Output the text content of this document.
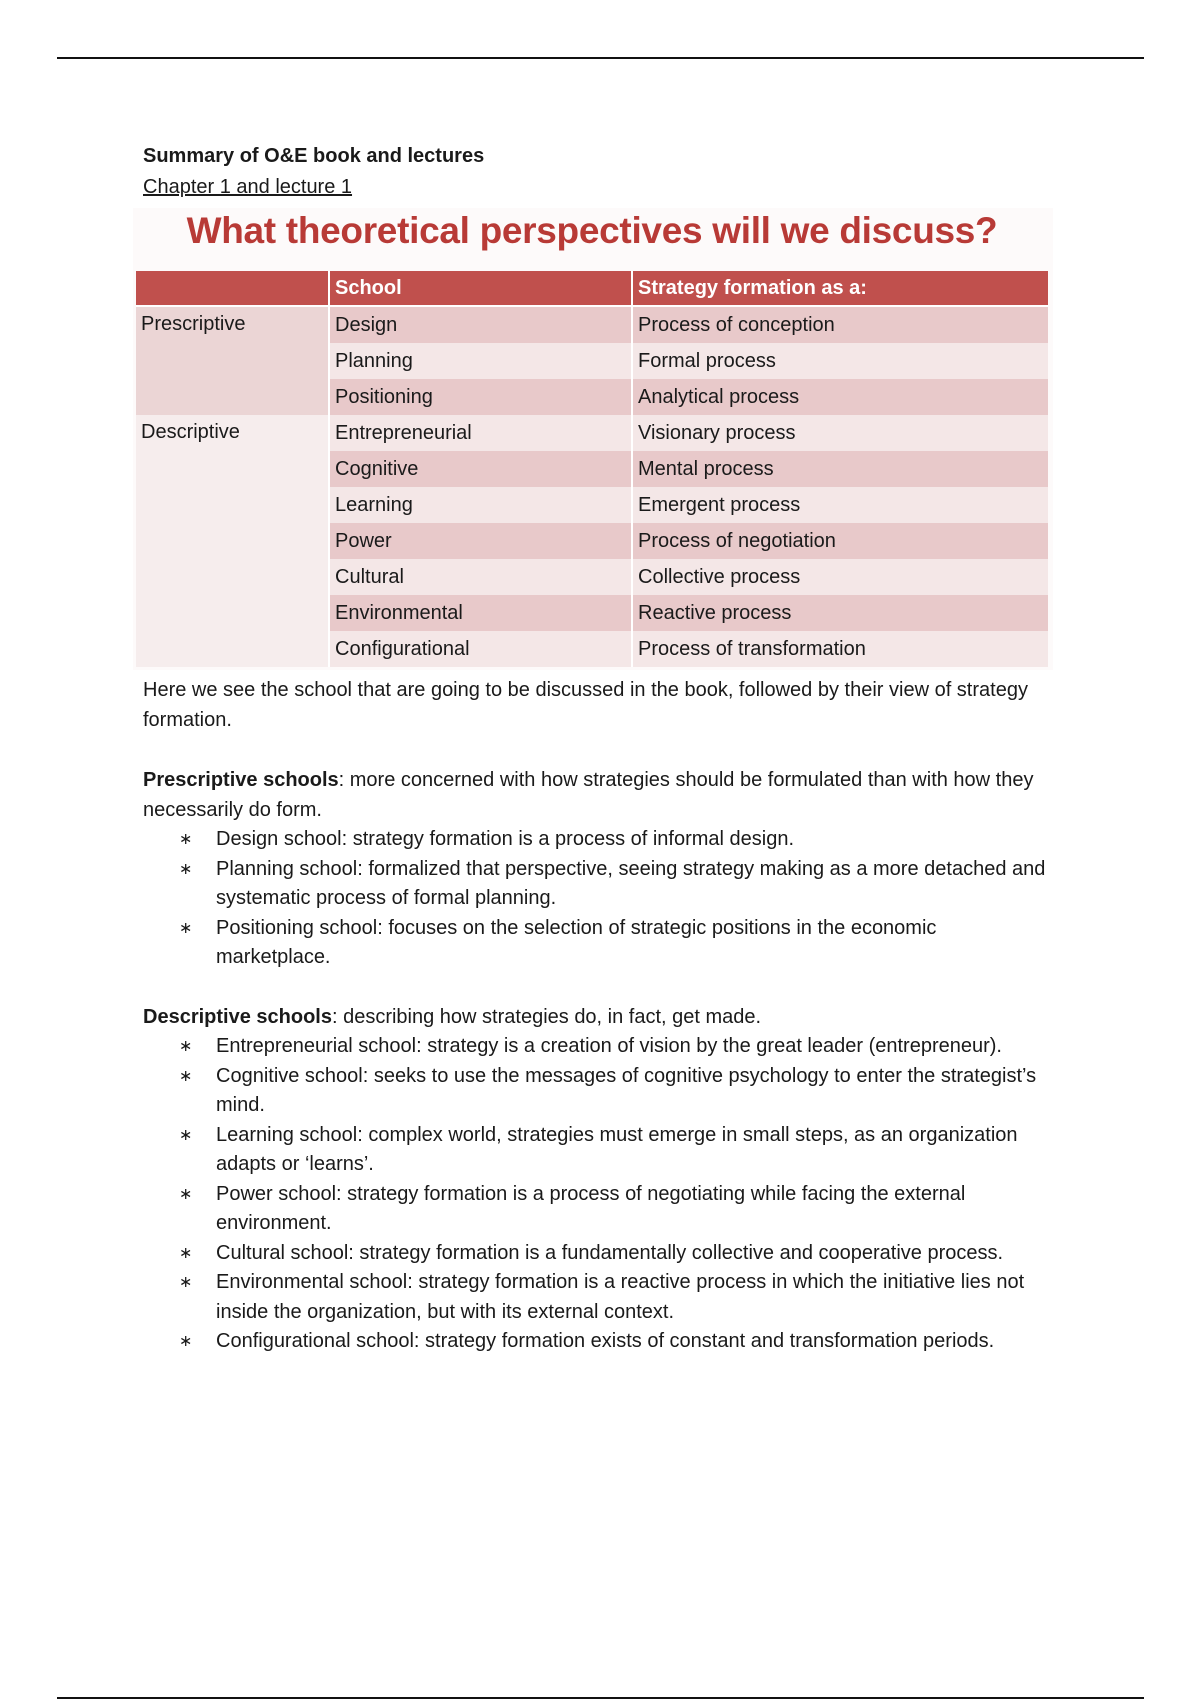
Summary of O&E book and lectures
Chapter 1 and lecture 1
What theoretical perspectives will we discuss?
	School	Strategy formation as a:
Prescriptive	Design	Process of conception
	Planning	Formal process
	Positioning	Analytical process
Descriptive	Entrepreneurial	Visionary process
	Cognitive	Mental process
	Learning	Emergent process
	Power	Process of negotiation
	Cultural	Collective process
	Environmental	Reactive process
	Configurational	Process of transformation

Here we see the school that are going to be discussed in the book, followed by their view of strategy formation.

Prescriptive schools: more concerned with how strategies should be formulated than with how they necessarily do form.
∗ Design school: strategy formation is a process of informal design.
∗ Planning school: formalized that perspective, seeing strategy making as a more detached and systematic process of formal planning.
∗ Positioning school: focuses on the selection of strategic positions in the economic marketplace.
Descriptive schools: describing how strategies do, in fact, get made.
∗ Entrepreneurial school: strategy is a creation of vision by the great leader (entrepreneur).
∗ Cognitive school: seeks to use the messages of cognitive psychology to enter the strategist’s mind.
∗ Learning school: complex world, strategies must emerge in small steps, as an organization adapts or ‘learns’.
∗ Power school: strategy formation is a process of negotiating while facing the external environment.
∗ Cultural school: strategy formation is a fundamentally collective and cooperative process.
∗ Environmental school: strategy formation is a reactive process in which the initiative lies not inside the organization, but with its external context.
∗ Configurational school: strategy formation exists of constant and transformation periods.
